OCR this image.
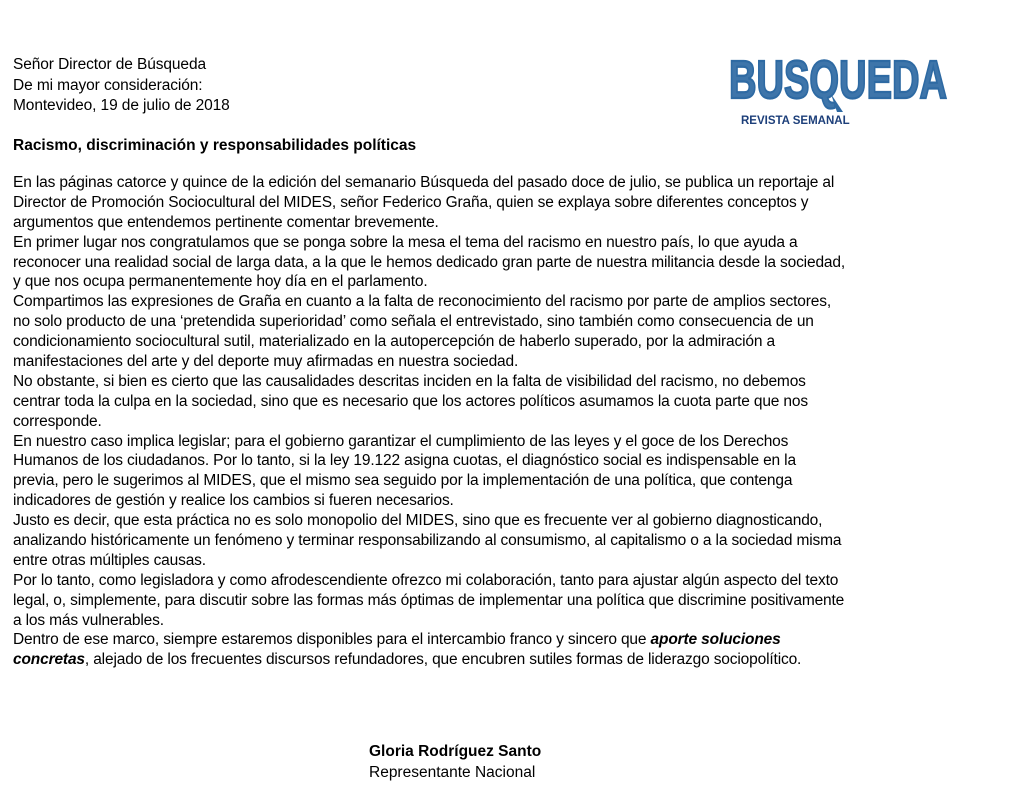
Señor Director de Búsqueda
De mi mayor consideración:
Montevideo, 19 de julio de 2018	BUSQUEDA
BUSQUEDA
REVISTA SEMANAL
Racismo, discriminación y responsabilidades políticas
En las páginas catorce y quince de la edición del semanario Búsqueda del pasado doce de julio, se publica un reportaje al
Director de Promoción Sociocultural del MIDES, señor Federico Graña, quien se explaya sobre diferentes conceptos y
argumentos que entendemos pertinente comentar brevemente.
En primer lugar nos congratulamos que se ponga sobre la mesa el tema del racismo en nuestro país, lo que ayuda a
reconocer una realidad social de larga data, a la que le hemos dedicado gran parte de nuestra militancia desde la sociedad,
y que nos ocupa permanentemente hoy día en el parlamento.
Compartimos las expresiones de Graña en cuanto a la falta de reconocimiento del racismo por parte de amplios sectores,
no solo producto de una ‘pretendida superioridad’ como señala el entrevistado, sino también como consecuencia de un
condicionamiento sociocultural sutil, materializado en la autopercepción de haberlo superado, por la admiración a
manifestaciones del arte y del deporte muy afirmadas en nuestra sociedad.
No obstante, si bien es cierto que las causalidades descritas inciden en la falta de visibilidad del racismo, no debemos
centrar toda la culpa en la sociedad, sino que es necesario que los actores políticos asumamos la cuota parte que nos
corresponde.
En nuestro caso implica legislar; para el gobierno garantizar el cumplimiento de las leyes y el goce de los Derechos
Humanos de los ciudadanos. Por lo tanto, si la ley 19.122 asigna cuotas, el diagnóstico social es indispensable en la
previa, pero le sugerimos al MIDES, que el mismo sea seguido por la implementación de una política, que contenga
indicadores de gestión y realice los cambios si fueren necesarios.
Justo es decir, que esta práctica no es solo monopolio del MIDES, sino que es frecuente ver al gobierno diagnosticando,
analizando históricamente un fenómeno y terminar responsabilizando al consumismo, al capitalismo o a la sociedad misma
entre otras múltiples causas.
Por lo tanto, como legisladora y como afrodescendiente ofrezco mi colaboración, tanto para ajustar algún aspecto del texto
legal, o, simplemente, para discutir sobre las formas más óptimas de implementar una política que discrimine positivamente
a los más vulnerables.
Dentro de ese marco, siempre estaremos disponibles para el intercambio franco y sincero que aporte soluciones
concretas, alejado de los frecuentes discursos refundadores, que encubren sutiles formas de liderazgo sociopolítico.
Gloria Rodríguez Santo
Representante Nacional
